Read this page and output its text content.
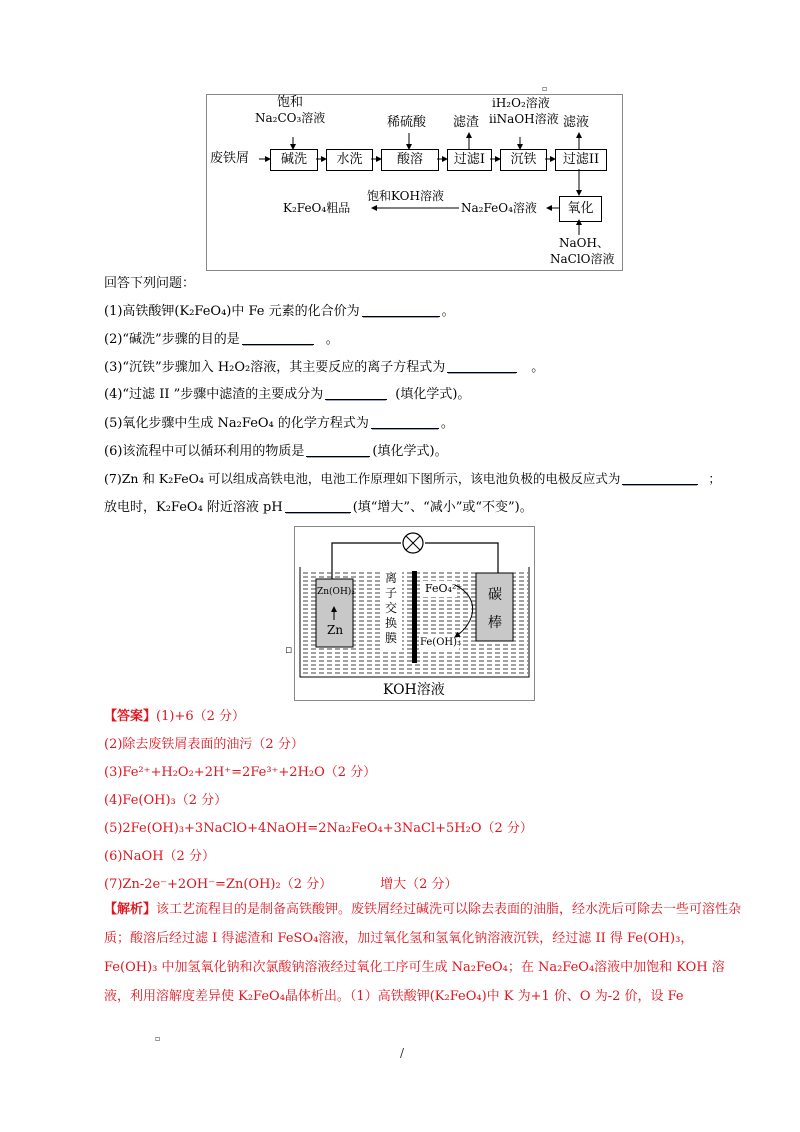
▫
▫
▫
饱和
Na₂CO₃溶液	稀硫酸 滤渣
iH₂O₂溶液
iiNaOH溶液 滤液
废铁屑	碱洗	水洗	酸溶	过滤I	沉铁	过滤II
氧化
K₂FeO₄粗品
饱和KOH溶液
Na₂FeO₄溶液
NaOH、
NaClO溶液
回答下列问题：
(1)高铁酸钾(K₂FeO₄)中 Fe 元素的化合价为	。
(2)“碱洗”步骤的目的是	。
(3)“沉铁”步骤加入 H₂O₂溶液，其主要反应的离子方程式为	。
(4)“过滤 II ”步骤中滤渣的主要成分为	(填化学式)。
(5)氧化步骤中生成 Na₂FeO₄ 的化学方程式为	。
(6)该流程中可以循环利用的物质是	(填化学式)。
(7)Zn 和 K₂FeO₄ 可以组成高铁电池，电池工作原理如下图所示，该电池负极的电极反应式为	；
放电时，K₂FeO₄ 附近溶液 pH	(填“增大”、“减小”或“不变”)。
Zn(OH)₂
Zn
离
子
交
换
膜
FeO₄²⁻
Fe(OH)₃
碳
棒
KOH溶液
【答案】(1)+6（2 分）
(2)除去废铁屑表面的油污（2 分）
(3)Fe²⁺+H₂O₂+2H⁺=2Fe³⁺+2H₂O（2 分）
(4)Fe(OH)₃（2 分）
(5)2Fe(OH)₃+3NaClO+4NaOH=2Na₂FeO₄+3NaCl+5H₂O（2 分）
(6)NaOH（2 分）
(7)Zn-2e⁻+2OH⁻=Zn(OH)₂（2 分）	增大（2 分）
【解析】该工艺流程目的是制备高铁酸钾。废铁屑经过碱洗可以除去表面的油脂，经水洗后可除去一些可溶性杂质；酸溶后经过滤 I 得滤渣和 FeSO₄溶液，加过氧化氢和氢氧化钠溶液沉铁，经过滤 II 得 Fe(OH)₃，Fe(OH)₃ 中加氢氧化钠和次氯酸钠溶液经过氧化工序可生成 Na₂FeO₄；在 Na₂FeO₄溶液中加饱和 KOH 溶液，利用溶解度差异使 K₂FeO₄晶体析出。（1）高铁酸钾(K₂FeO₄)中 K 为+1 价、O 为-2 价，设 Fe
/
